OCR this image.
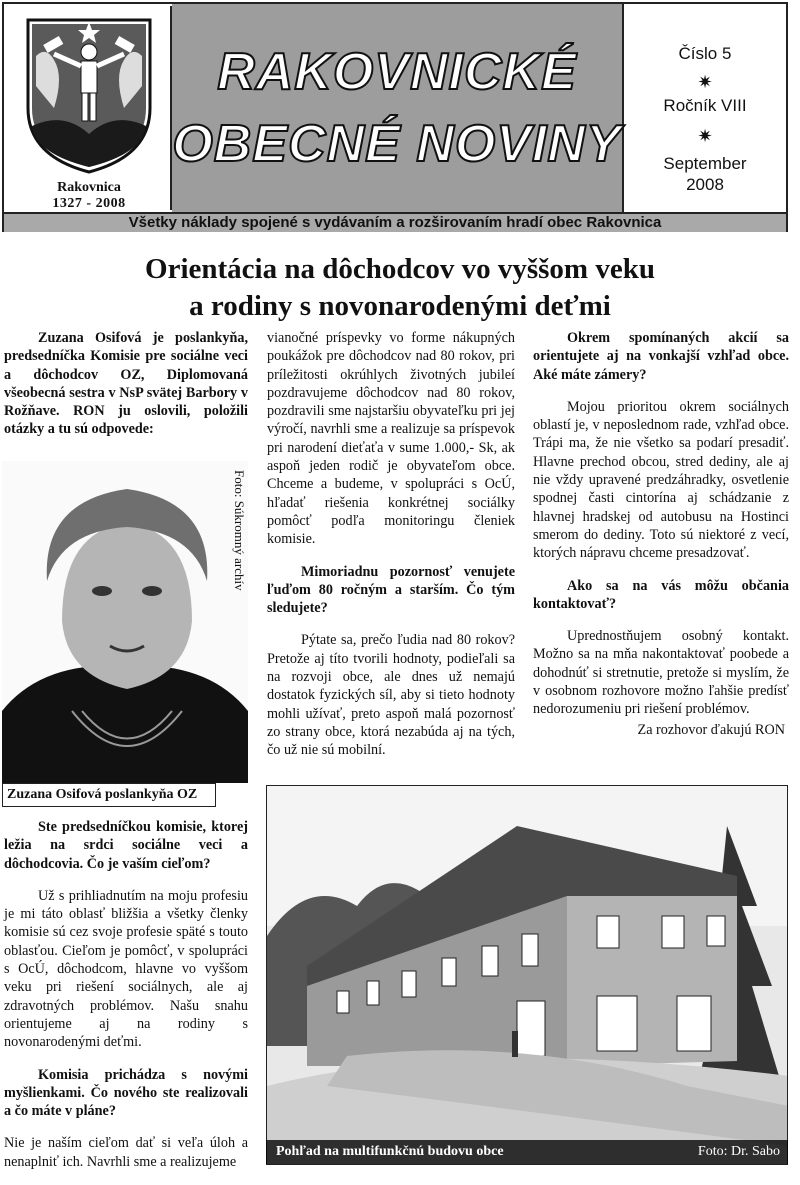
Rakovnica
1327 - 2008
RAKOVNICKÉ
OBECNÉ NOVINY
Číslo 5
✷
Ročník VIII
✷
September
2008
Všetky náklady spojené s vydávaním a rozširovaním hradí obec Rakovnica
Orientácia na dôchodcov vo vyššom veku
a rodiny s novonarodenými deťmi

Zuzana Osifová je poslankyňa, predsedníčka Komisie pre sociálne veci a dôchodcov OZ, Diplomovaná všeobecná sestra v NsP svätej Barbory v Rožňave. RON ju oslovili, položili otázky a tu sú odpovede:

Foto: Súkromný archív
Zuzana Osifová poslankyňa OZ

Ste predsedníčkou komisie, ktorej ležia na srdci sociálne veci a dôchodcovia. Čo je vaším cieľom?

Už s prihliadnutím na moju profesiu je mi táto oblasť bližšia a všetky členky komisie sú cez svoje profesie späté s touto oblasťou. Cieľom je pomôcť, v spolupráci s OcÚ, dôchodcom, hlavne vo vyššom veku pri riešení sociálnych, ale aj zdravotných problémov. Našu snahu orientujeme aj na rodiny s novonarodenými deťmi.

Komisia prichádza s novými myšlienkami. Čo nového ste realizovali a čo máte v pláne?

Nie je naším cieľom dať si veľa úloh a nenaplniť ich. Navrhli sme a realizujeme

vianočné príspevky vo forme nákupných poukážok pre dôchodcov nad 80 rokov, pri príležitosti okrúhlych životných jubileí pozdravujeme dôchodcov nad 80 rokov, pozdravili sme najstaršiu obyvateľku pri jej výročí, navrhli sme a realizuje sa príspevok pri narodení dieťaťa v sume 1.000,- Sk, ak aspoň jeden rodič je obyvateľom obce. Chceme a budeme, v spolupráci s OcÚ, hľadať riešenia konkrétnej sociálky pomôcť podľa monitoringu členiek komisie.

Mimoriadnu pozornosť venujete ľuďom 80 ročným a starším. Čo tým sledujete?

Pýtate sa, prečo ľudia nad 80 rokov? Pretože aj títo tvorili hodnoty, podieľali sa na rozvoji obce, ale dnes už nemajú dostatok fyzických síl, aby si tieto hodnoty mohli užívať, preto aspoň malá pozornosť zo strany obce, ktorá nezabúda aj na tých, čo už nie sú mobilní.

Okrem spomínaných akcií sa orientujete aj na vonkajší vzhľad obce. Aké máte zámery?

Mojou prioritou okrem sociálnych oblastí je, v neposlednom rade, vzhľad obce. Trápi ma, že nie všetko sa podarí presadiť. Hlavne prechod obcou, stred dediny, ale aj nie vždy upravené predzáhradky, osvetlenie spodnej časti cintorína aj schádzanie z hlavnej hradskej od autobusu na Hostinci smerom do dediny. Toto sú niektoré z vecí, ktorých nápravu chceme presadzovať.

Ako sa na vás môžu občania kontaktovať?

Uprednostňujem osobný kontakt. Možno sa na mňa nakontaktovať poobede a dohodnúť si stretnutie, pretože si myslím, že v osobnom rozhovore možno ľahšie predísť nedorozumeniu pri riešení problémov.

Za rozhovor ďakujú RON

Pohľad na multifunkčnú budovu obce	Foto: Dr. Sabo
